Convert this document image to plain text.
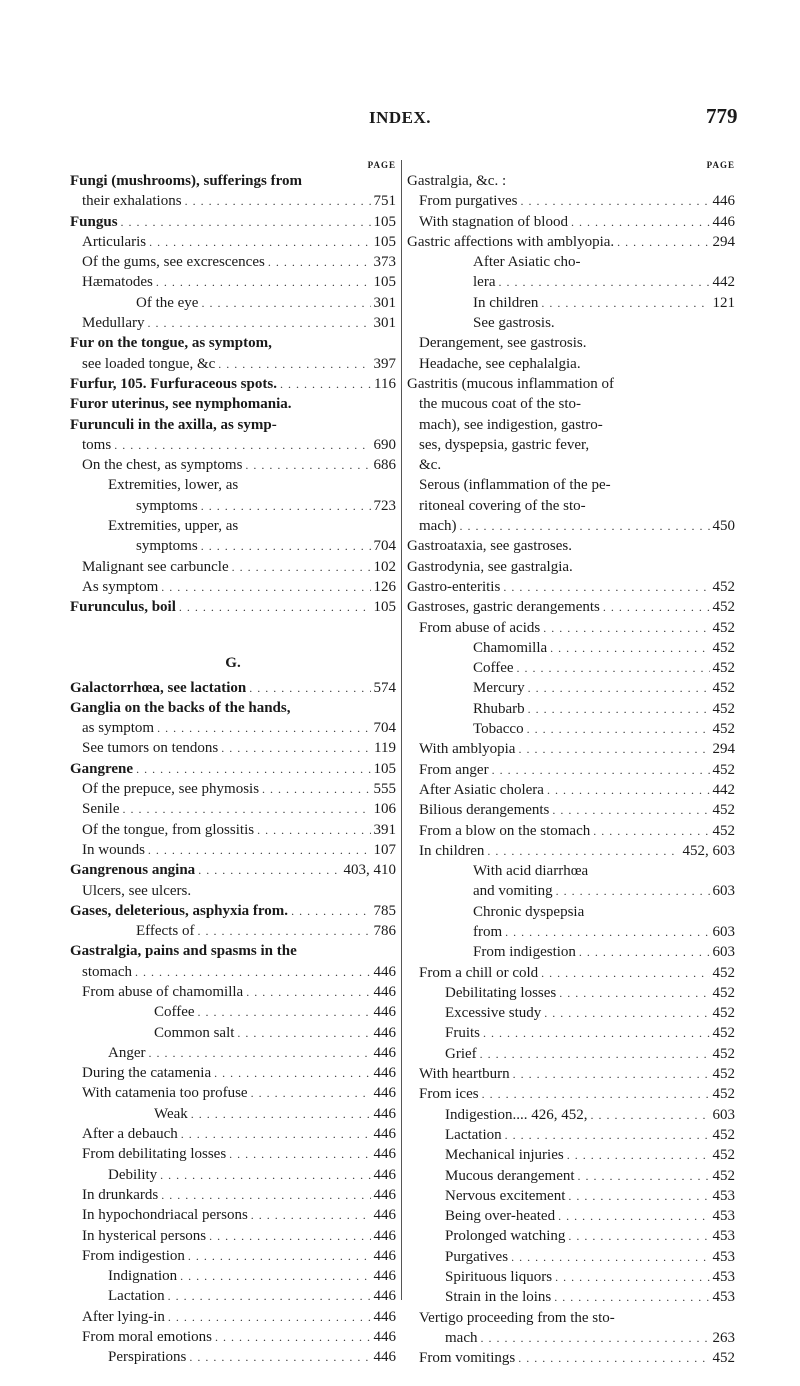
INDEX.	779
PAGE
Fungi (mushrooms), sufferings from
their exhalations . . .	751
Fungus . . .	105
Articularis . . .	105
Of the gums, see excrescences . . .	373
Hæmatodes . . .	105
Of the eye . . .	301
Medullary . . .	301
Fur on the tongue, as symptom,
see loaded tongue, &c . . .	397
Furfur, 105. Furfuraceous spots. . . .	116
Furor uterinus, see nymphomania.
Furunculi in the axilla, as symp-
toms . . .	690
On the chest, as symptoms . . .	686
Extremities, lower, as
symptoms . . .	723
Extremities, upper, as
symptoms . . .	704
Malignant see carbuncle . . .	102
As symptom . . .	126
Furunculus, boil . . .	105
G.
Galactorrhœa, see lactation . . .	574
Ganglia on the backs of the hands,
as symptom . . .	704
See tumors on tendons . . .	119
Gangrene . . .	105
Of the prepuce, see phymosis . . .	555
Senile . . .	106
Of the tongue, from glossitis . . .	391
In wounds . . .	107
Gangrenous angina . . .	403, 410
Ulcers, see ulcers.
Gases, deleterious, asphyxia from. . . .	785
Effects of . . .	786
Gastralgia, pains and spasms in the
stomach . . .	446
From abuse of chamomilla . . .	446
Coffee . . .	446
Common salt . . .	446
Anger . . .	446
During the catamenia . . .	446
With catamenia too profuse . . .	446
Weak . . .	446
After a debauch . . .	446
From debilitating losses . . .	446
Debility . . .	446
In drunkards . . .	446
In hypochondriacal persons . . .	446
In hysterical persons . . .	446
From indigestion . . .	446
Indignation . . .	446
Lactation . . .	446
After lying-in . . .	446
From moral emotions . . .	446
Perspirations . . .	446
PAGE
Gastralgia, &c. :
From purgatives . . .	446
With stagnation of blood . . .	446
Gastric affections with amblyopia. . . .	294
After Asiatic cho-
lera . . .	442
In children . . .	121
See gastrosis.
Derangement, see gastrosis.
Headache, see cephalalgia.
Gastritis (mucous inflammation of
the mucous coat of the sto-
mach), see indigestion, gastro-
ses, dyspepsia, gastric fever,
&c.
Serous (inflammation of the pe-
ritoneal covering of the sto-
mach) . . .	450
Gastroataxia, see gastroses.
Gastrodynia, see gastralgia.
Gastro-enteritis . . .	452
Gastroses, gastric derangements . . .	452
From abuse of acids . . .	452
Chamomilla . . .	452
Coffee . . .	452
Mercury . . .	452
Rhubarb . . .	452
Tobacco . . .	452
With amblyopia . . .	294
From anger . . .	452
After Asiatic cholera . . .	442
Bilious derangements . . .	452
From a blow on the stomach . . .	452
In children . . .	452, 603
With acid diarrhœa
and vomiting . . .	603
Chronic dyspepsia
from . . .	603
From indigestion . . .	603
From a chill or cold . . .	452
Debilitating losses . . .	452
Excessive study . . .	452
Fruits . . .	452
Grief . . .	452
With heartburn . . .	452
From ices . . .	452
Indigestion.... 426, 452, . . .	603
Lactation . . .	452
Mechanical injuries . . .	452
Mucous derangement . . .	452
Nervous excitement . . .	453
Being over-heated . . .	453
Prolonged watching . . .	453
Purgatives . . .	453
Spirituous liquors . . .	453
Strain in the loins . . .	453
Vertigo proceeding from the sto-
mach . . .	263
From vomitings . . .	452
